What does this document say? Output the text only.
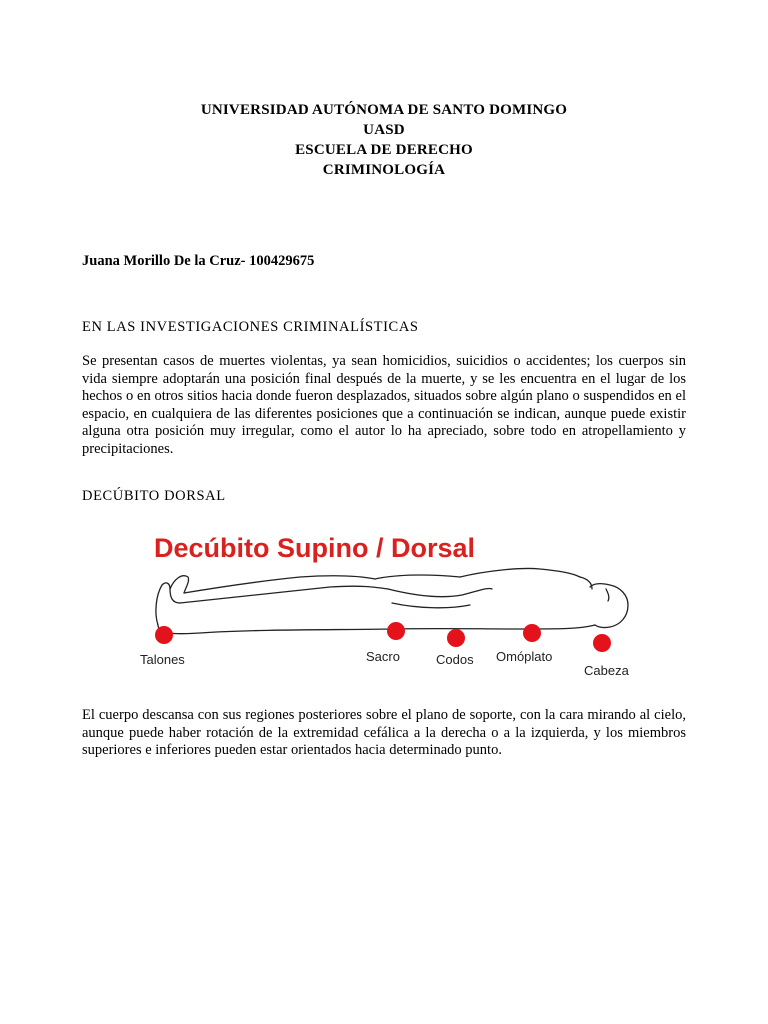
UNIVERSIDAD AUTÓNOMA DE SANTO DOMINGO
UASD
ESCUELA DE DERECHO
CRIMINOLOGÍA
Juana Morillo De la Cruz- 100429675
EN LAS INVESTIGACIONES CRIMINALÍSTICAS
Se presentan casos de muertes violentas, ya sean homicidios, suicidios o accidentes; los cuerpos sin vida siempre adoptarán una posición final después de la muerte, y se les encuentra en el lugar de los hechos o en otros sitios hacia donde fueron desplazados, situados sobre algún plano o suspendidos en el espacio, en cualquiera de las diferentes posiciones que a continuación se indican, aunque puede existir alguna otra posición muy irregular, como el autor lo ha apreciado, sobre todo en atropellamiento y precipitaciones.
DECÚBITO DORSAL
Decúbito Supino / Dorsal
Talones	Sacro	Codos Omóplato
Cabeza
El cuerpo descansa con sus regiones posteriores sobre el plano de soporte, con la cara mirando al cielo, aunque puede haber rotación de la extremidad cefálica a la derecha o a la izquierda, y los miembros superiores e inferiores pueden estar orientados hacia determinado punto.
